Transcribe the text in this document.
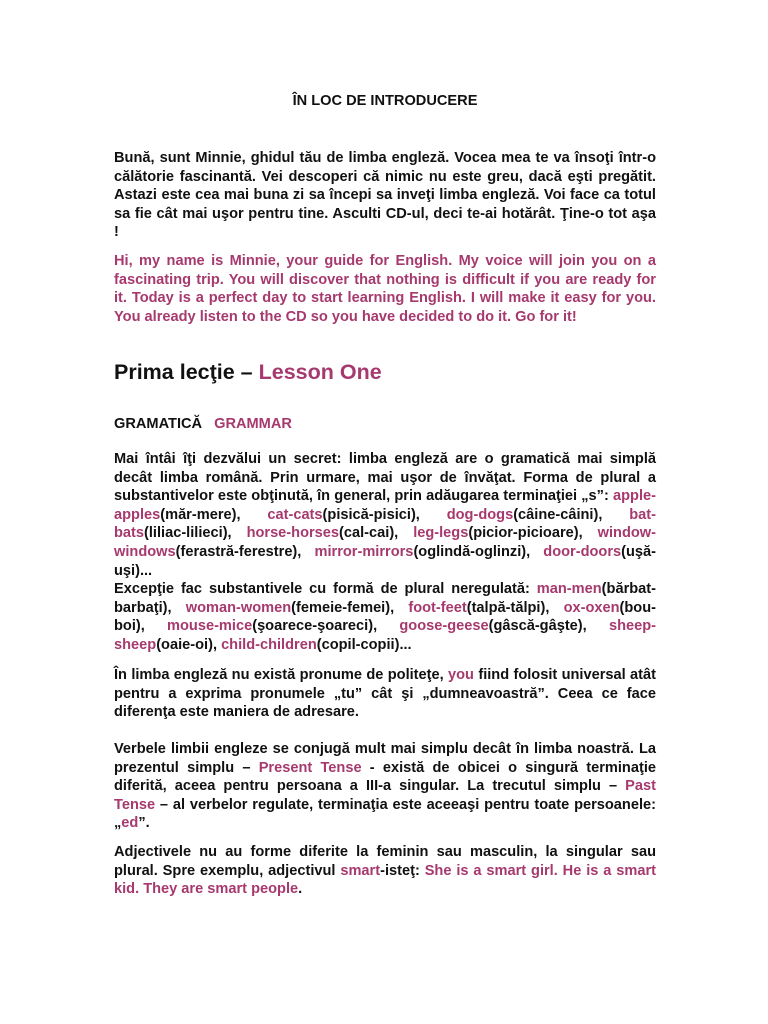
ÎN LOC DE INTRODUCERE

Bună, sunt Minnie, ghidul tău de limba engleză. Vocea mea te va însoţi într-o călătorie fascinantă. Vei descoperi că nimic nu este greu, dacă eşti pregătit. Astazi este cea mai buna zi sa începi sa inveţi limba engleză. Voi face ca totul sa fie cât mai uşor pentru tine. Asculti CD-ul, deci te-ai hotărât. Ţine-o tot aşa !

Hi, my name is Minnie, your guide for English. My voice will join you on a fascinating trip. You will discover that nothing is difficult if you are ready for it. Today is a perfect day to start learning English. I will make it easy for you. You already listen to the CD so you have decided to do it. Go for it!

Prima lecţie – Lesson One
GRAMATICĂ GRAMMAR

Mai întâi îţi dezvălui un secret: limba engleză are o gramatică mai simplă decât limba română. Prin urmare, mai uşor de învăţat. Forma de plural a substantivelor este obţinută, în general, prin adăugarea terminaţiei „s”: apple-apples(măr-mere), cat-cats(pisică-pisici), dog-dogs(câine-câini), bat-bats(liliac-lilieci), horse-horses(cal-cai), leg-legs(picior-picioare), window-windows(ferastră-ferestre), mirror-mirrors(oglindă-oglinzi), door-doors(uşă-uşi)...
Excepţie fac substantivele cu formă de plural neregulată: man-men(bărbat-barbaţi), woman-women(femeie-femei), foot-feet(talpă-tălpi), ox-oxen(bou-boi), mouse-mice(şoarece-şoareci), goose-geese(gâscă-gâşte), sheep-sheep(oaie-oi), child-children(copil-copii)...

În limba engleză nu există pronume de politeţe, you fiind folosit universal atât pentru a exprima pronumele „tu” cât şi „dumneavoastră”. Ceea ce face diferenţa este maniera de adresare.

Verbele limbii engleze se conjugă mult mai simplu decât în limba noastră. La prezentul simplu – Present Tense - există de obicei o singură terminaţie diferită, aceea pentru persoana a III-a singular. La trecutul simplu – Past Tense – al verbelor regulate, terminaţia este aceeaşi pentru toate persoanele: „ed”.

Adjectivele nu au forme diferite la feminin sau masculin, la singular sau plural. Spre exemplu, adjectivul smart-isteţ: She is a smart girl. He is a smart kid. They are smart people.
